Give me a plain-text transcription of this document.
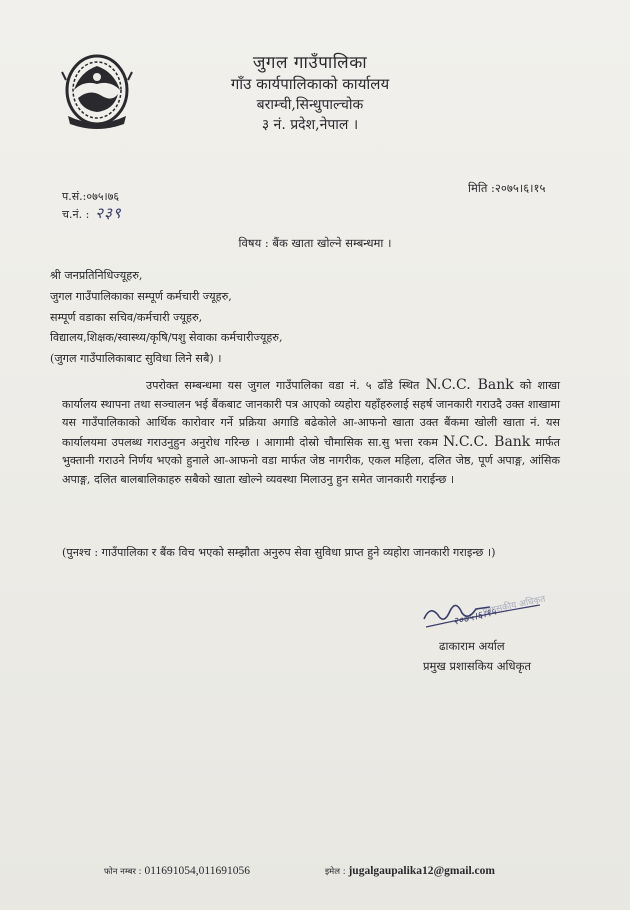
जुगल गाउँपालिका
गाँउ कार्यपालिकाको कार्यालय
बराम्ची,सिन्धुपाल्चोक
३ नं. प्रदेश,नेपाल ।
मिति :२०७५।६।१५
प.सं.:०७५।७६
च.नं. : २३९
विषय : बैंक खाता खोल्ने सम्बन्धमा ।
श्री जनप्रतिनिधिज्यूहरु,
जुगल गाउँपालिकाका सम्पूर्ण कर्मचारी ज्यूहरु,
सम्पूर्ण वडाका सचिव/कर्मचारी ज्यूहरु,
विद्यालय,शिक्षक/स्वास्थ्य/कृषि/पशु सेवाका कर्मचारीज्यूहरु,
(जुगल गाउँपालिकाबाट सुविधा लिने सबै) ।
उपरोक्त सम्बन्धमा यस जुगल गाउँपालिका वडा नं. ५ ढाँडे स्थित N.C.C. Bank को शाखा कार्यालय स्थापना तथा सञ्चालन भई बैंकबाट जानकारी पत्र आएको व्यहोरा यहाँहरुलाई सहर्ष जानकारी गराउदै उक्त शाखामा यस गाउँपालिकाको आर्थिक कारोवार गर्ने प्रक्रिया अगाडि बढेकोले आ-आफनो खाता उक्त बैंकमा खोली खाता नं. यस कार्यालयमा उपलब्ध गराउनुहुन अनुरोध गरिन्छ । आगामी दोस्रो चौमासिक सा.सु भत्ता रकम N.C.C. Bank मार्फत भुक्तानी गराउने निर्णय भएको हुनाले आ-आफनो वडा मार्फत जेष्ठ नागरीक, एकल महिला, दलित जेष्ठ, पूर्ण अपाङ्ग, आंसिक अपाङ्ग, दलित बालबालिकाहरु सबैको खाता खोल्ने व्यवस्था मिलाउनु हुन समेत जानकारी गराईन्छ ।
(पुनश्च : गाउँपालिका र बैंक विच भएको सम्झौता अनुरुप सेवा सुविधा प्राप्त हुने व्यहोरा जानकारी गराइन्छ ।)
२०७५।६।१५
प्रशासकीय अधिकृत
ढाकाराम अर्याल
प्रमुख प्रशासकिय अधिकृत
फोन नम्बर : 011691054,011691056	इमेल : jugalgaupalika12@gmail.com
